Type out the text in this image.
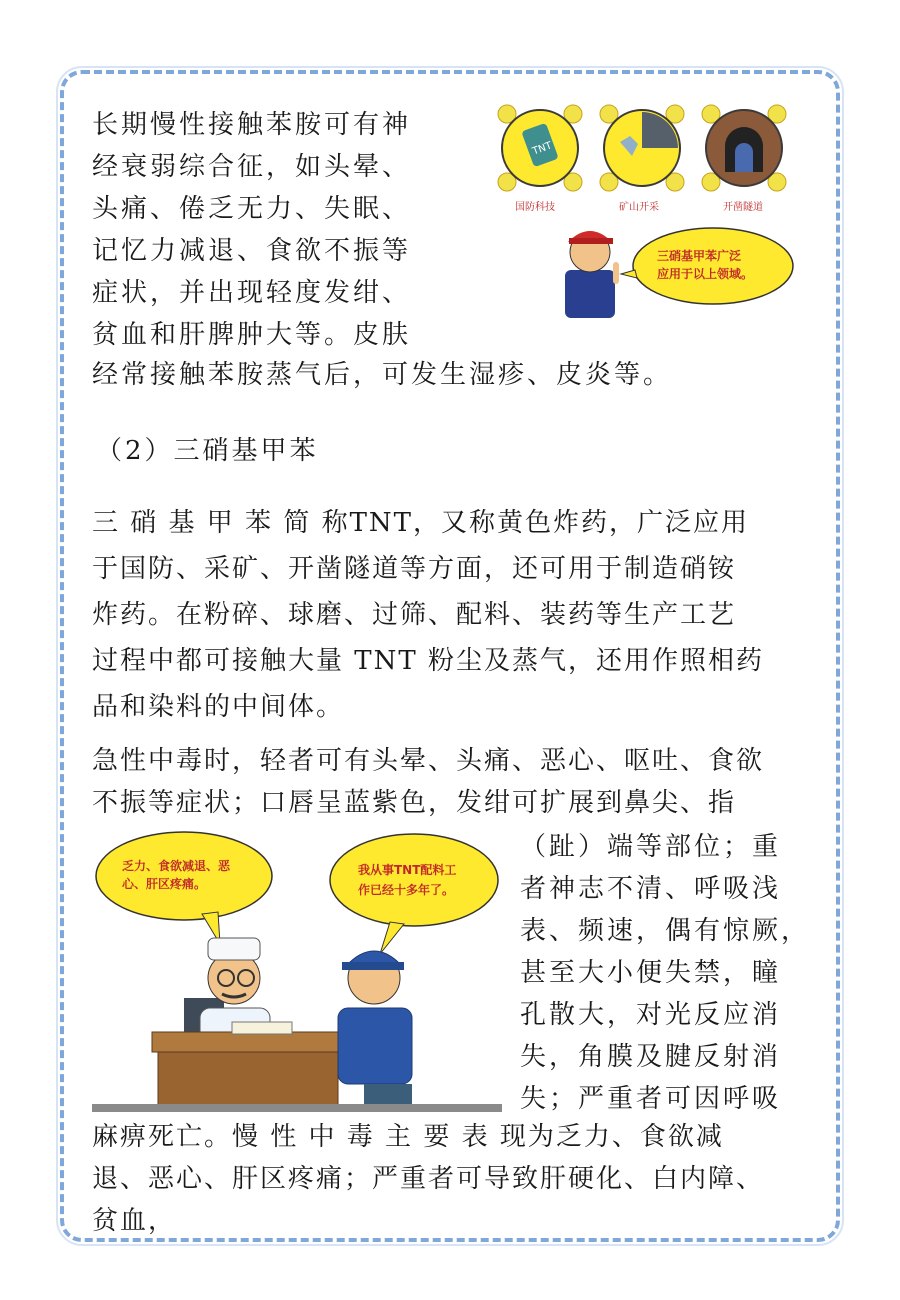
长期慢性接触苯胺可有神
经衰弱综合征，如头晕、
头痛、倦乏无力、失眠、
记忆力减退、食欲不振等
症状，并出现轻度发绀、
贫血和肝脾肿大等。皮肤
经常接触苯胺蒸气后，可发生湿疹、皮炎等。
TNT
国防科技	矿山开采	开凿隧道
三硝基甲苯广泛
应用于以上领域。
（2）三硝基甲苯
三 硝 基 甲 苯 简 称TNT，又称黄色炸药，广泛应用
于国防、采矿、开凿隧道等方面，还可用于制造硝铵
炸药。在粉碎、球磨、过筛、配料、装药等生产工艺
过程中都可接触大量 TNT 粉尘及蒸气，还用作照相药
品和染料的中间体。
急性中毒时，轻者可有头晕、头痛、恶心、呕吐、食欲
不振等症状；口唇呈蓝紫色，发绀可扩展到鼻尖、指
乏力、食欲减退、恶
心、肝区疼痛。
我从事TNT配料工
作已经十多年了。
（趾）端等部位；重
者神志不清、呼吸浅
表、频速，偶有惊厥，
甚至大小便失禁，瞳
孔散大，对光反应消
失，角膜及腱反射消
失；严重者可因呼吸
麻痹死亡。慢 性 中 毒 主 要 表 现为乏力、食欲减
退、恶心、肝区疼痛；严重者可导致肝硬化、白内障、
贫血，
